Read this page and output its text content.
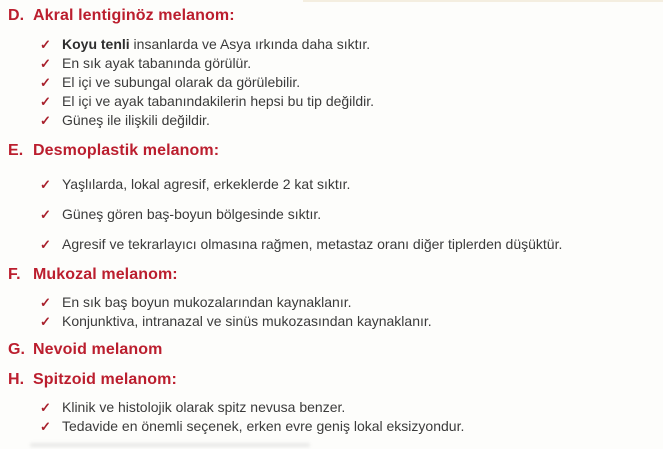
D. Akral lentiginöz melanom:
✓ Koyu tenli insanlarda ve Asya ırkında daha sıktır.
✓ En sık ayak tabanında görülür.
✓ El içi ve subungal olarak da görülebilir.
✓ El içi ve ayak tabanındakilerin hepsi bu tip değildir.
✓ Güneş ile ilişkili değildir.
E. Desmoplastik melanom:
✓ Yaşlılarda, lokal agresif, erkeklerde 2 kat sıktır.
✓ Güneş gören baş-boyun bölgesinde sıktır.
✓ Agresif ve tekrarlayıcı olmasına rağmen, metastaz oranı diğer tiplerden düşüktür.
F. Mukozal melanom:
✓ En sık baş boyun mukozalarından kaynaklanır.
✓ Konjunktiva, intranazal ve sinüs mukozasından kaynaklanır.
G. Nevoid melanom
H. Spitzoid melanom:
✓ Klinik ve histolojik olarak spitz nevusa benzer.
✓ Tedavide en önemli seçenek, erken evre geniş lokal eksizyondur.
